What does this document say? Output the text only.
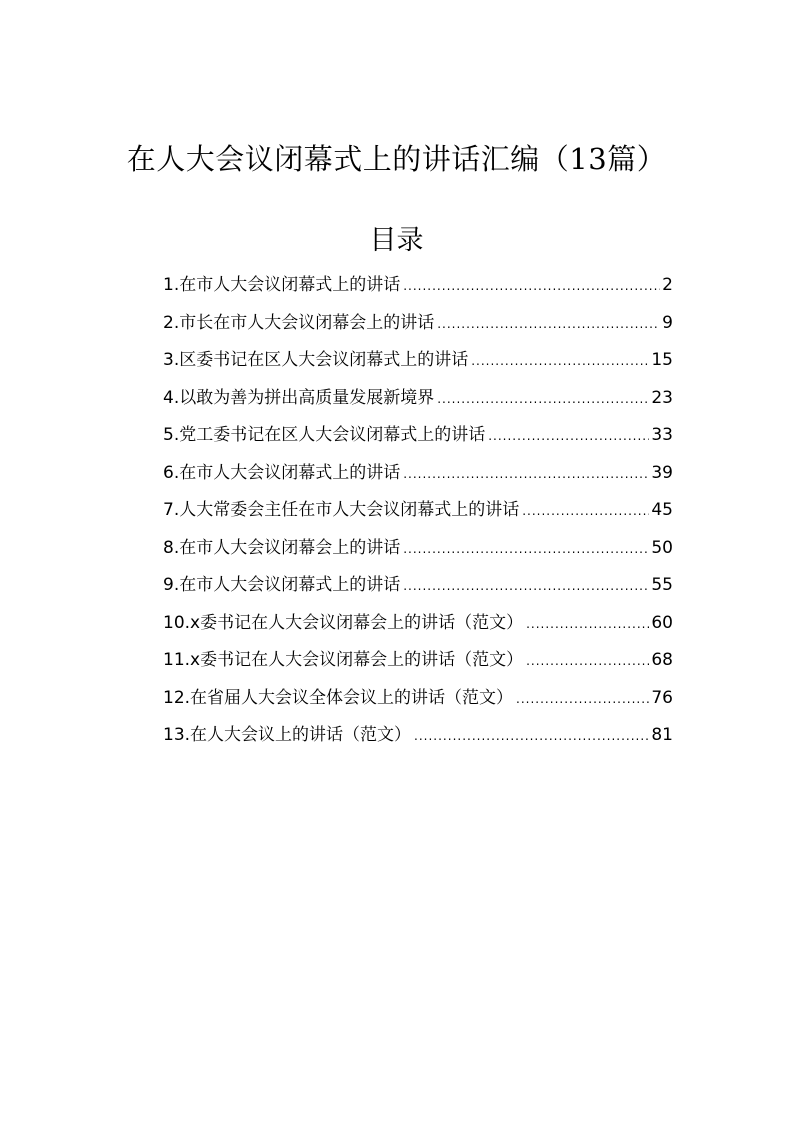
在人大会议闭幕式上的讲话汇编（13篇）
目录
1.在市人大会议闭幕式上的讲话 .....	2
2.市长在市人大会议闭幕会上的讲话 .....	9
3.区委书记在区人大会议闭幕式上的讲话 .....	15
4.以敢为善为拼出高质量发展新境界 .....	23
5.党工委书记在区人大会议闭幕式上的讲话 .....	33
6.在市人大会议闭幕式上的讲话 .....	39
7.人大常委会主任在市人大会议闭幕式上的讲话 .....	45
8.在市人大会议闭幕会上的讲话 .....	50
9.在市人大会议闭幕式上的讲话 .....	55
10.x委书记在人大会议闭幕会上的讲话（范文） .....	60
11.x委书记在人大会议闭幕会上的讲话（范文） .....	68
12.在省届人大会议全体会议上的讲话（范文） .....	76
13.在人大会议上的讲话（范文） .....	81
